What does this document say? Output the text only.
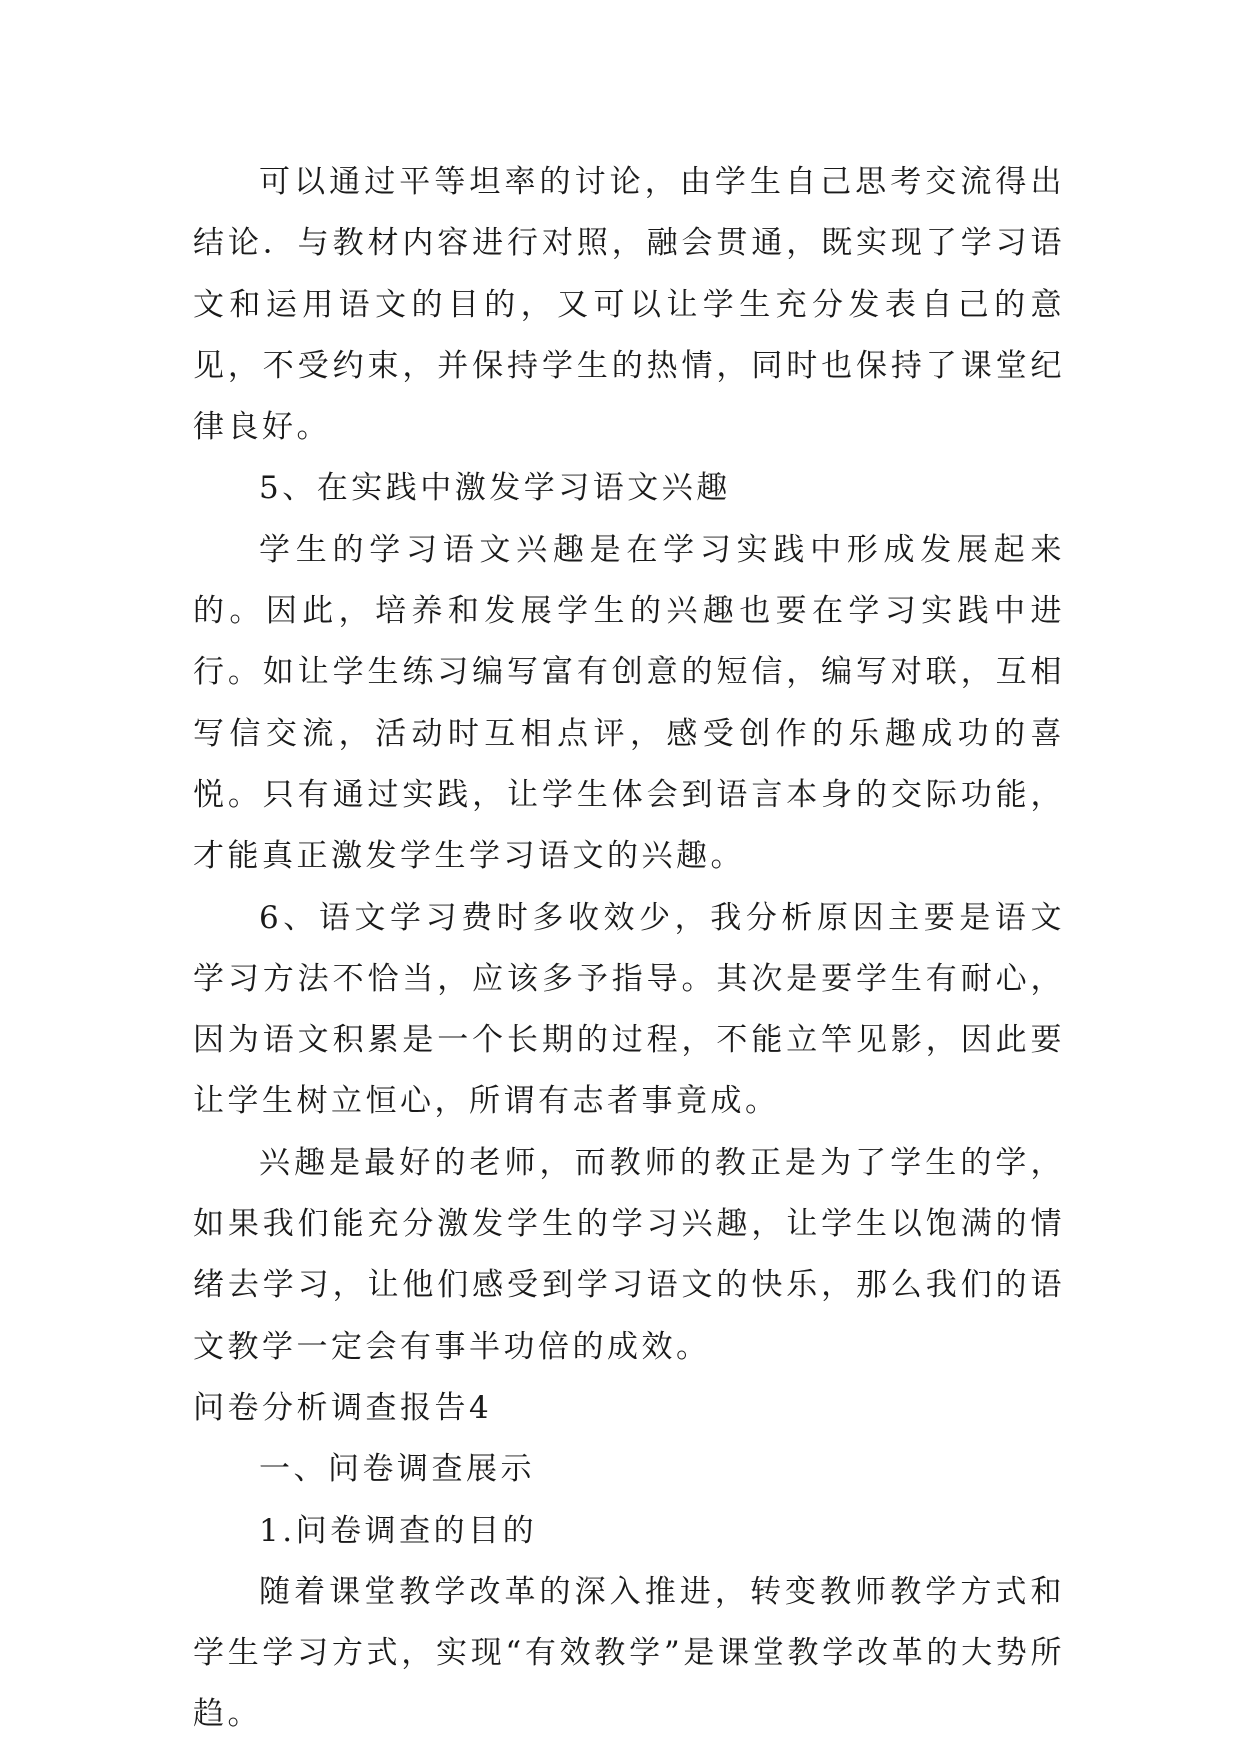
可以通过平等坦率的讨论，由学生自己思考交流得出结论．与教材内容进行对照，融会贯通，既实现了学习语文和运用语文的目的，又可以让学生充分发表自己的意见，不受约束，并保持学生的热情，同时也保持了课堂纪律良好。

5、在实践中激发学习语文兴趣

学生的学习语文兴趣是在学习实践中形成发展起来的。因此，培养和发展学生的兴趣也要在学习实践中进行。如让学生练习编写富有创意的短信，编写对联，互相写信交流，活动时互相点评，感受创作的乐趣成功的喜悦。只有通过实践，让学生体会到语言本身的交际功能，才能真正激发学生学习语文的兴趣。

6、语文学习费时多收效少，我分析原因主要是语文学习方法不恰当，应该多予指导。其次是要学生有耐心，因为语文积累是一个长期的过程，不能立竿见影，因此要让学生树立恒心，所谓有志者事竟成。

兴趣是最好的老师，而教师的教正是为了学生的学，如果我们能充分激发学生的学习兴趣，让学生以饱满的情绪去学习，让他们感受到学习语文的快乐，那么我们的语文教学一定会有事半功倍的成效。

问卷分析调查报告4

一、问卷调查展示

1.问卷调查的目的

随着课堂教学改革的深入推进，转变教师教学方式和学生学习方式，实现“有效教学”是课堂教学改革的大势所趋。
